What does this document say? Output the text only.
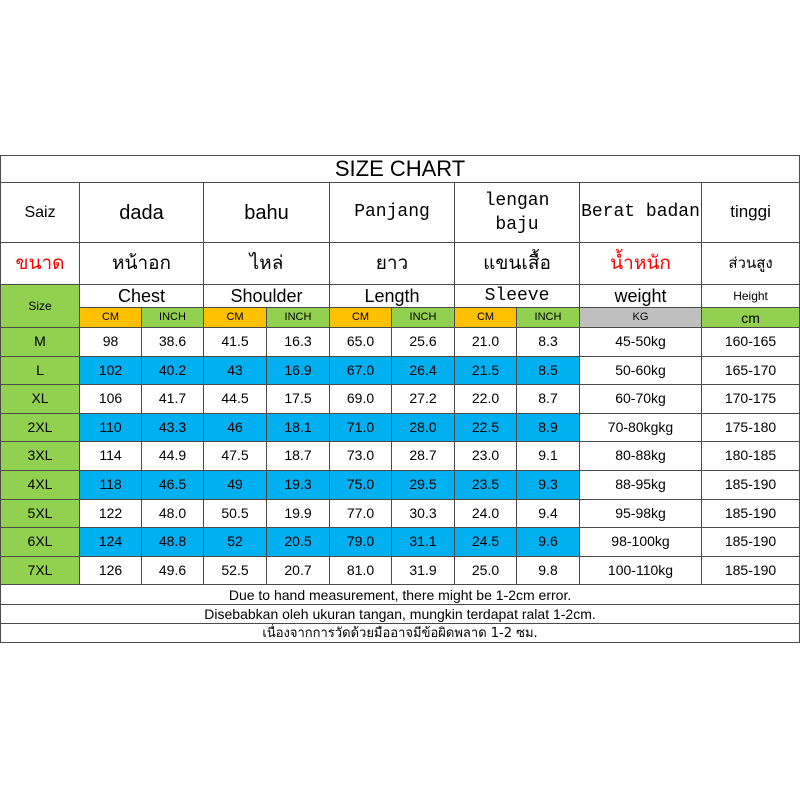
SIZE CHART										
Saiz	dada		bahu		Panjang		lengan baju		Berat badan	tinggi
ขนาด	หน้าอก		ไหล่		ยาว		แขนเสื้อ		น้ำหนัก	ส่วนสูง
Size	Chest		Shoulder		Length		Sleeve		weight	Height
	CM	INCH	CM	INCH	CM	INCH	CM	INCH	KG	cm
M	98	38.6	41.5	16.3	65.0	25.6	21.0	8.3	45-50kg	160-165
L	102	40.2	43	16.9	67.0	26.4	21.5	8.5	50-60kg	165-170
XL	106	41.7	44.5	17.5	69.0	27.2	22.0	8.7	60-70kg	170-175
2XL	110	43.3	46	18.1	71.0	28.0	22.5	8.9	70-80kgkg	175-180
3XL	114	44.9	47.5	18.7	73.0	28.7	23.0	9.1	80-88kg	180-185
4XL	118	46.5	49	19.3	75.0	29.5	23.5	9.3	88-95kg	185-190
5XL	122	48.0	50.5	19.9	77.0	30.3	24.0	9.4	95-98kg	185-190
6XL	124	48.8	52	20.5	79.0	31.1	24.5	9.6	98-100kg	185-190
7XL	126	49.6	52.5	20.7	81.0	31.9	25.0	9.8	100-110kg	185-190
Due to hand measurement, there might be 1-2cm error.										
Disebabkan oleh ukuran tangan, mungkin terdapat ralat 1-2cm.										
เนื่องจากการวัดด้วยมืออาจมีข้อผิดพลาด 1-2 ซม.										
